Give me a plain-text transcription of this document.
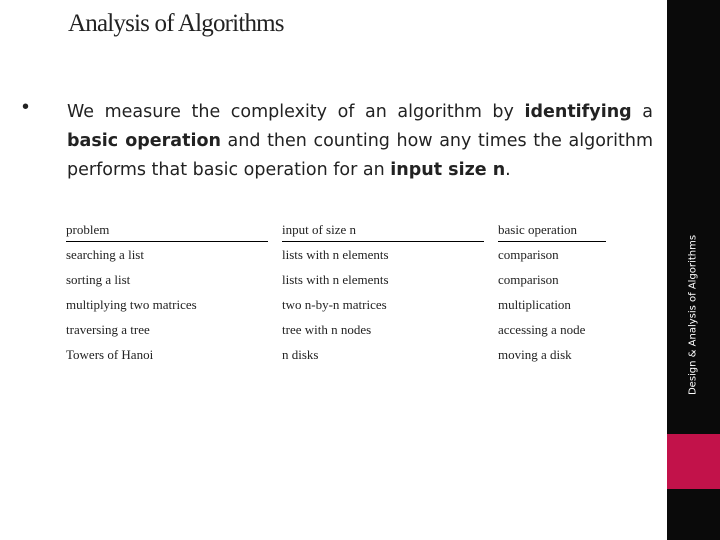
Analysis of Algorithms
• We measure the complexity of an algorithm by identifying a basic operation and then counting how any times the algorithm performs that basic operation for an input size n.
problem		input of size n		basic operation
searching a list		lists with n elements		comparison
sorting a list		lists with n elements		comparison
multiplying two matrices		two n-by-n matrices		multiplication
traversing a tree		tree with n nodes		accessing a node
Towers of Hanoi		n disks		moving a disk	Design & Analysis of Algorithms
